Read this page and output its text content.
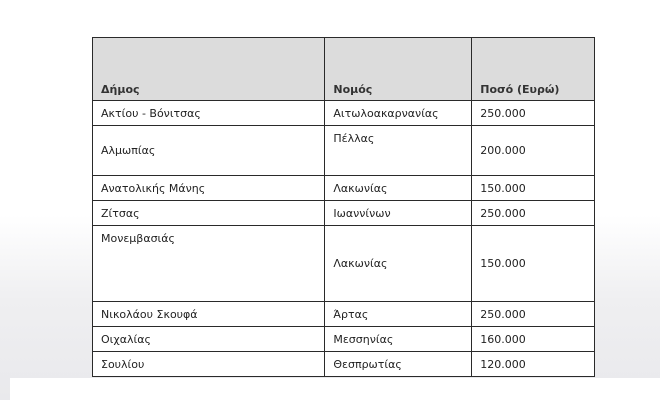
Δήμος	Νομός	Ποσό (Ευρώ)
Ακτίου - Βόνιτσας	Αιτωλοακαρνανίας	250.000
Αλμωπίας	Πέλλας	200.000
Ανατολικής Μάνης	Λακωνίας	150.000
Ζίτσας	Ιωαννίνων	250.000
Μονεμβασιάς	Λακωνίας	150.000
Νικολάου Σκουφά	Άρτας	250.000
Οιχαλίας	Μεσσηνίας	160.000
Σουλίου	Θεσπρωτίας	120.000
